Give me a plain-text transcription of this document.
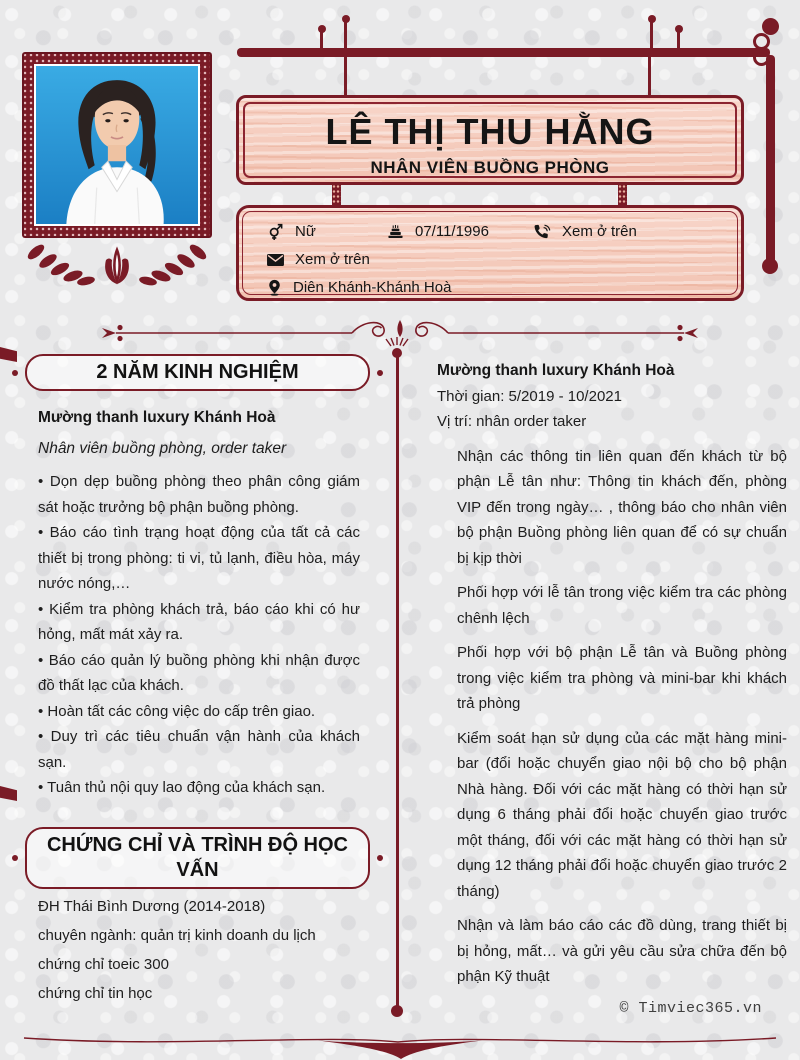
LÊ THỊ THU HẰNG
NHÂN VIÊN BUỒNG PHÒNG
Nữ	07/11/1996	Xem ở trên
Xem ở trên
Diên Khánh-Khánh Hoà
2 NĂM KINH NGHIỆM
Mường thanh luxury Khánh Hoà
Nhân viên buồng phòng, order taker

• Dọn dẹp buồng phòng theo phân công giám sát hoặc trưởng bộ phận buồng phòng.

• Báo cáo tình trạng hoạt động của tất cả các thiết bị trong phòng: ti vi, tủ lạnh, điều hòa, máy nước nóng,…

• Kiểm tra phòng khách trả, báo cáo khi có hư hỏng, mất mát xảy ra.

• Báo cáo quản lý buồng phòng khi nhận được đồ thất lạc của khách.

• Hoàn tất các công việc do cấp trên giao.

• Duy trì các tiêu chuẩn vận hành của khách sạn.

• Tuân thủ nội quy lao động của khách sạn.

CHỨNG CHỈ VÀ TRÌNH ĐỘ HỌC VẤN

ĐH Thái Bình Dương (2014-2018)

chuyên ngành: quản trị kinh doanh du lịch

chứng chỉ toeic 300

chứng chỉ tin học

Mường thanh luxury Khánh Hoà
Thời gian: 5/2019 - 10/2021
Vị trí: nhân order taker

Nhận các thông tin liên quan đến khách từ bộ phận Lễ tân như: Thông tin khách đến, phòng VIP đến trong ngày… , thông báo cho nhân viên bộ phận Buồng phòng liên quan để có sự chuẩn bị kịp thời

Phối hợp với lễ tân trong việc kiểm tra các phòng chênh lệch

Phối hợp với bộ phận Lễ tân và Buồng phòng trong việc kiểm tra phòng và mini-bar khi khách trả phòng

Kiểm soát hạn sử dụng của các mặt hàng mini-bar (đổi hoặc chuyển giao nội bộ cho bộ phận Nhà hàng. Đối với các mặt hàng có thời hạn sử dụng 6 tháng phải đổi hoặc chuyển giao trước một tháng, đối với các mặt hàng có thời hạn sử dụng 12 tháng phải đổi hoặc chuyển giao trước 2 tháng)

Nhận và làm báo cáo các đồ dùng, trang thiết bị bị hỏng, mất… và gửi yêu cầu sửa chữa đến bộ phận Kỹ thuật

© Timviec365.vn
